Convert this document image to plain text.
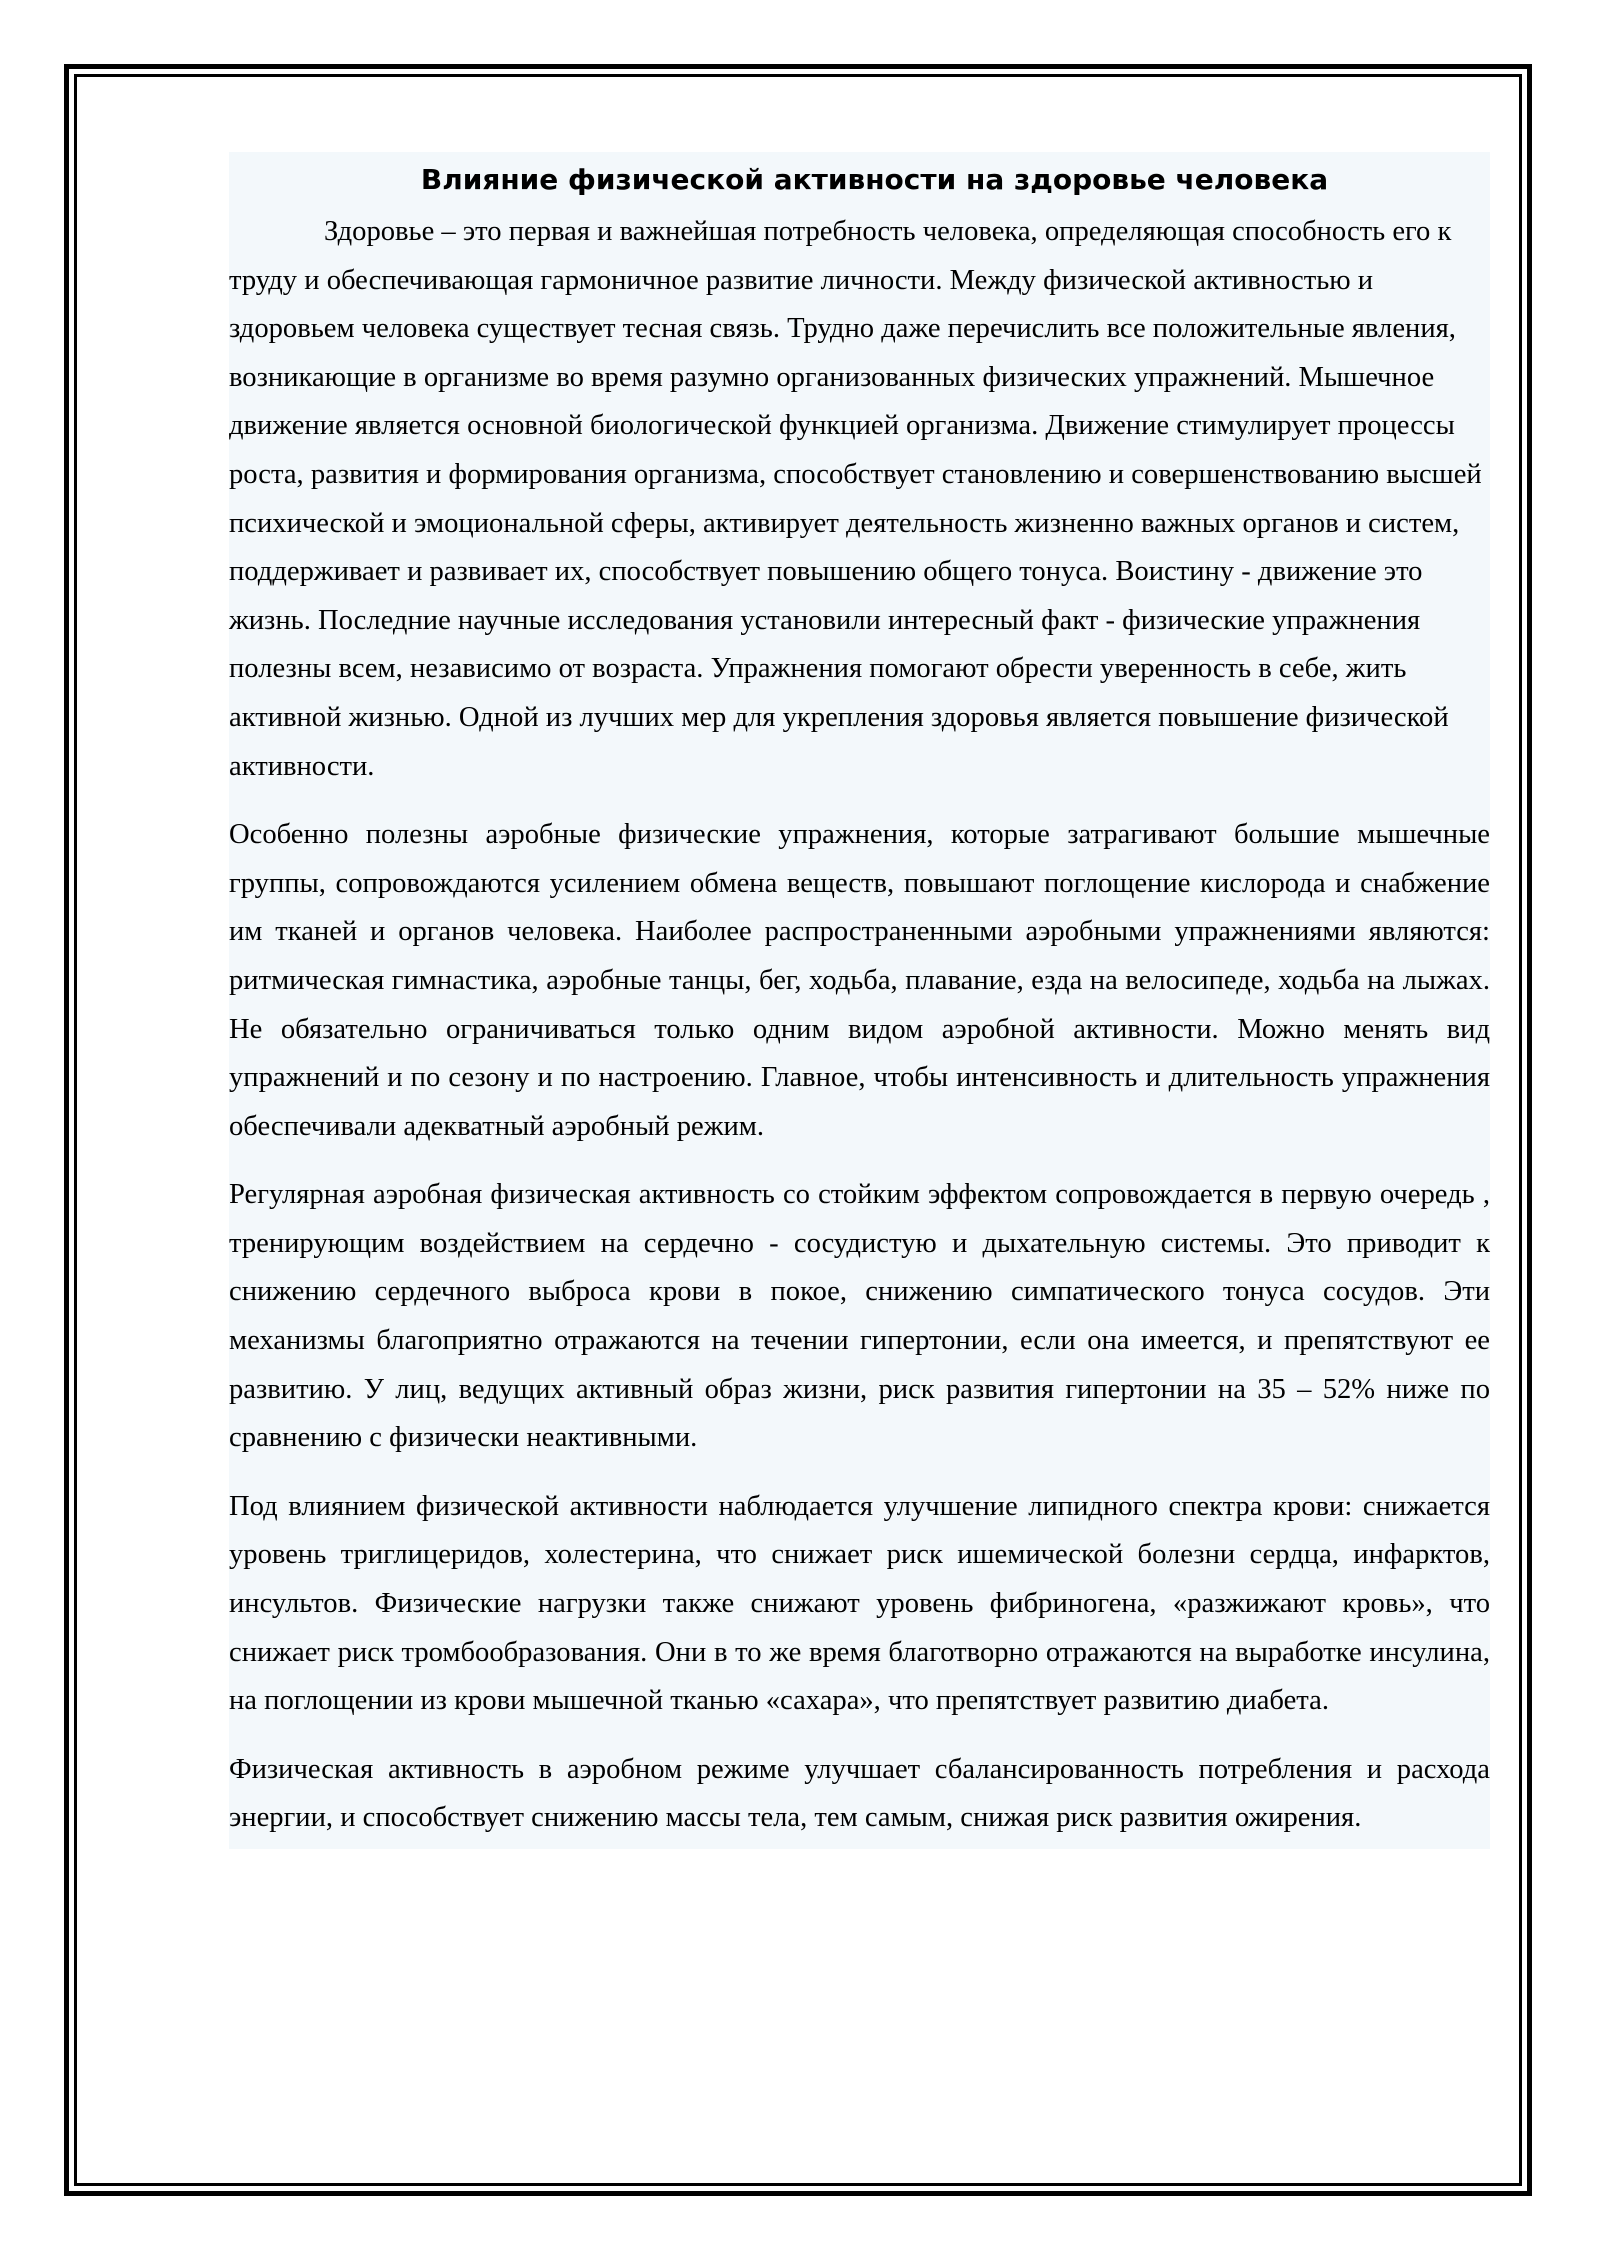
Влияние физической активности на здоровье человека

Здоровье – это первая и важнейшая потребность человека, определяющая способность его к труду и обеспечивающая гармоничное развитие личности. Между физической активностью и здоровьем человека существует тесная связь. Трудно даже перечислить все положительные явления, возникающие в организме во время разумно организованных физических упражнений. Мышечное движение является основной биологической функцией организма. Движение стимулирует процессы роста, развития и формирования организма, способствует становлению и совершенствованию высшей психической и эмоциональной сферы, активирует деятельность жизненно важных органов и систем, поддерживает и развивает их, способствует повышению общего тонуса. Воистину - движение это жизнь. Последние научные исследования установили интересный факт - физические упражнения полезны всем, независимо от возраста. Упражнения помогают обрести уверенность в себе, жить активной жизнью. Одной из лучших мер для укрепления здоровья является повышение физической активности.

Особенно полезны аэробные физические упражнения, которые затрагивают большие мышечные группы, сопровождаются усилением обмена веществ, повышают поглощение кислорода и снабжение им тканей и органов человека. Наиболее распространенными аэробными упражнениями являются: ритмическая гимнастика, аэробные танцы, бег, ходьба, плавание, езда на велосипеде, ходьба на лыжах. Не обязательно ограничиваться только одним видом аэробной активности. Можно менять вид упражнений и по сезону и по настроению. Главное, чтобы интенсивность и длительность упражнения обеспечивали адекватный аэробный режим.

Регулярная аэробная физическая активность со стойким эффектом сопровождается в первую очередь , тренирующим воздействием на сердечно - сосудистую и дыхательную системы. Это приводит к снижению сердечного выброса крови в покое, снижению симпатического тонуса сосудов. Эти механизмы благоприятно отражаются на течении гипертонии, если она имеется, и препятствуют ее развитию. У лиц, ведущих активный образ жизни, риск развития гипертонии на 35 – 52% ниже по сравнению с физически неактивными.

Под влиянием физической активности наблюдается улучшение липидного спектра крови: снижается уровень триглицеридов, холестерина, что снижает риск ишемической болезни сердца, инфарктов, инсультов. Физические нагрузки также снижают уровень фибриногена, «разжижают кровь», что снижает риск тромбообразования. Они в то же время благотворно отражаются на выработке инсулина, на поглощении из крови мышечной тканью «сахара», что препятствует развитию диабета.

Физическая активность в аэробном режиме улучшает сбалансированность потребления и расхода энергии, и способствует снижению массы тела, тем самым, снижая риск развития ожирения.
